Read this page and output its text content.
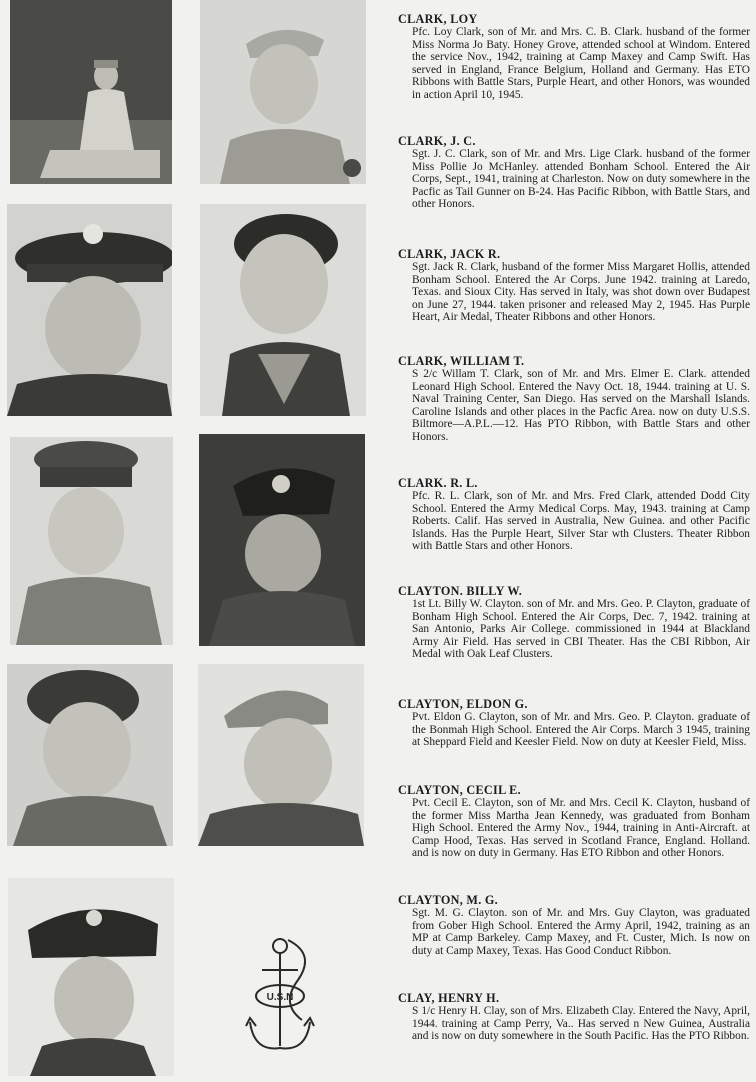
U.S.N

CLARK, LOY

Pfc. Loy Clark, son of Mr. and Mrs. C. B. Clark. husband of the former Miss Norma Jo Baty. Honey Grove, attended school at Windom. Entered the service Nov., 1942, training at Camp Maxey and Camp Swift. Has served in England, France Belgium, Holland and Germany. Has ETO Ribbons with Battle Stars, Purple Heart, and other Honors, was wounded in action April 10, 1945.

CLARK, J. C.

Sgt. J. C. Clark, son of Mr. and Mrs. Lige Clark. husband of the former Miss Pollie Jo McHanley. attended Bonham School. Entered the Air Corps, Sept., 1941, training at Charleston. Now on duty somewhere in the Pacfic as Tail Gunner on B-24. Has Pacific Ribbon, with Battle Stars, and other Honors.

CLARK, JACK R.

Sgt. Jack R. Clark, husband of the former Miss Margaret Hollis, attended Bonham School. Entered the Ar Corps. June 1942. training at Laredo, Texas. and Sioux City. Has served in Italy, was shot down over Budapest on June 27, 1944. taken prisoner and released May 2, 1945. Has Purple Heart, Air Medal, Theater Ribbons and other Honors.

CLARK, WILLIAM T.

S 2/c Willam T. Clark, son of Mr. and Mrs. Elmer E. Clark. attended Leonard High School. Entered the Navy Oct. 18, 1944. training at U. S. Naval Training Center, San Diego. Has served on the Marshall Islands. Caroline Islands and other places in the Pacfic Area. now on duty U.S.S. Biltmore—A.P.L.—12. Has PTO Ribbon, with Battle Stars and other Honors.

CLARK. R. L.

Pfc. R. L. Clark, son of Mr. and Mrs. Fred Clark, attended Dodd City School. Entered the Army Medical Corps. May, 1943. training at Camp Roberts. Calif. Has served in Australia, New Guinea. and other Pacific Islands. Has the Purple Heart, Silver Star wth Clusters. Theater Ribbon with Battle Stars and other Honors.

CLAYTON. BILLY W.

1st Lt. Billy W. Clayton. son of Mr. and Mrs. Geo. P. Clayton, graduate of Bonham High School. Entered the Air Corps, Dec. 7, 1942. training at San Antonio, Parks Air College. commissioned in 1944 at Blackland Army Air Field. Has served in CBI Theater. Has the CBI Ribbon, Air Medal with Oak Leaf Clusters.

CLAYTON, ELDON G.

Pvt. Eldon G. Clayton, son of Mr. and Mrs. Geo. P. Clayton. graduate of the Bonmah High School. Entered the Air Corps. March 3 1945, training at Sheppard Field and Keesler Field. Now on duty at Keesler Field, Miss.

CLAYTON, CECIL E.

Pvt. Cecil E. Clayton, son of Mr. and Mrs. Cecil K. Clayton, husband of the former Miss Martha Jean Kennedy, was graduated from Bonham High School. Entered the Army Nov., 1944, training in Anti-Aircraft. at Camp Hood, Texas. Has served in Scotland France, England. Holland. and is now on duty in Germany. Has ETO Ribbon and other Honors.

CLAYTON, M. G.

Sgt. M. G. Clayton. son of Mr. and Mrs. Guy Clayton, was graduated from Gober High School. Entered the Army April, 1942, training as an MP at Camp Barkeley. Camp Maxey, and Ft. Custer, Mich. Is now on duty at Camp Maxey, Texas. Has Good Conduct Ribbon.

CLAY, HENRY H.

S 1/c Henry H. Clay, son of Mrs. Elizabeth Clay. Entered the Navy, April, 1944. training at Camp Perry, Va.. Has served n New Guinea, Australia and is now on duty somewhere in the South Pacific. Has the PTO Ribbon.
